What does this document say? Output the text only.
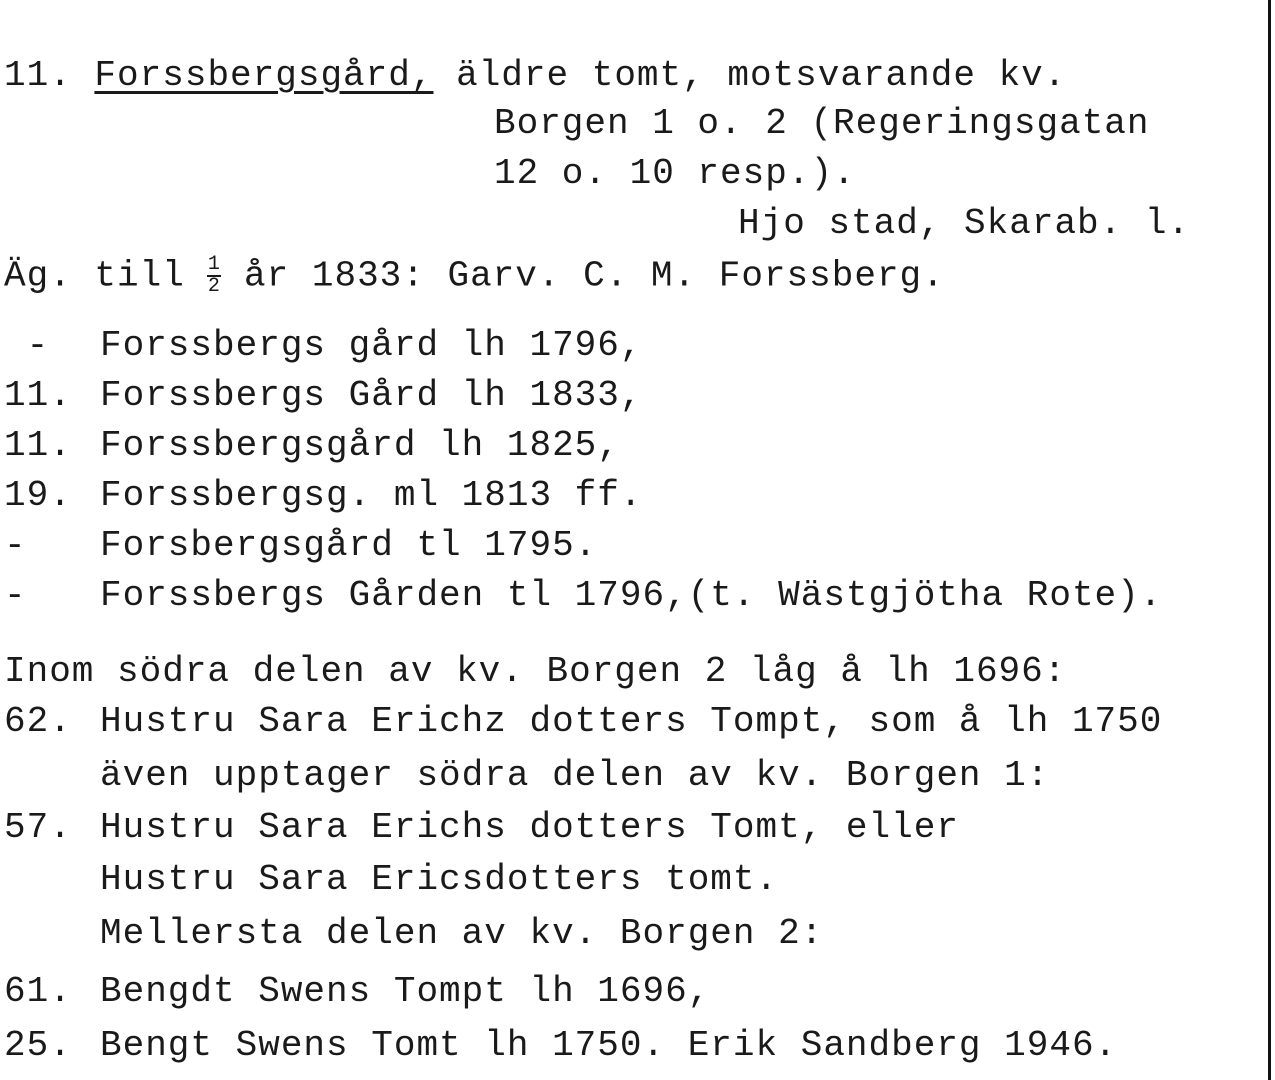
11. Forssbergsgård, äldre tomt, motsvarande kv.
Borgen 1 o. 2 (Regeringsgatan
12 o. 10 resp.).
Hjo stad, Skarab. l.
Äg. till $\frac{1}{2}$ år 1833: Garv. C. M. Forssberg.
- Forssbergs gård lh 1796,
11. Forssbergs Gård lh 1833,
11. Forssbergsgård lh 1825,
19. Forssbergsg. ml 1813 ff.
- Forsbergsgård tl 1795.
- Forssbergs Gården tl 1796,(t. Wästgjötha Rote).
Inom södra delen av kv. Borgen 2 låg å lh 1696:
62. Hustru Sara Erichz dotters Tompt, som å lh 1750
även upptager södra delen av kv. Borgen 1:
57. Hustru Sara Erichs dotters Tomt, eller
Hustru Sara Ericsdotters tomt.
Mellersta delen av kv. Borgen 2:
61. Bengdt Swens Tompt lh 1696,
25. Bengt Swens Tomt lh 1750. Erik Sandberg 1946.
